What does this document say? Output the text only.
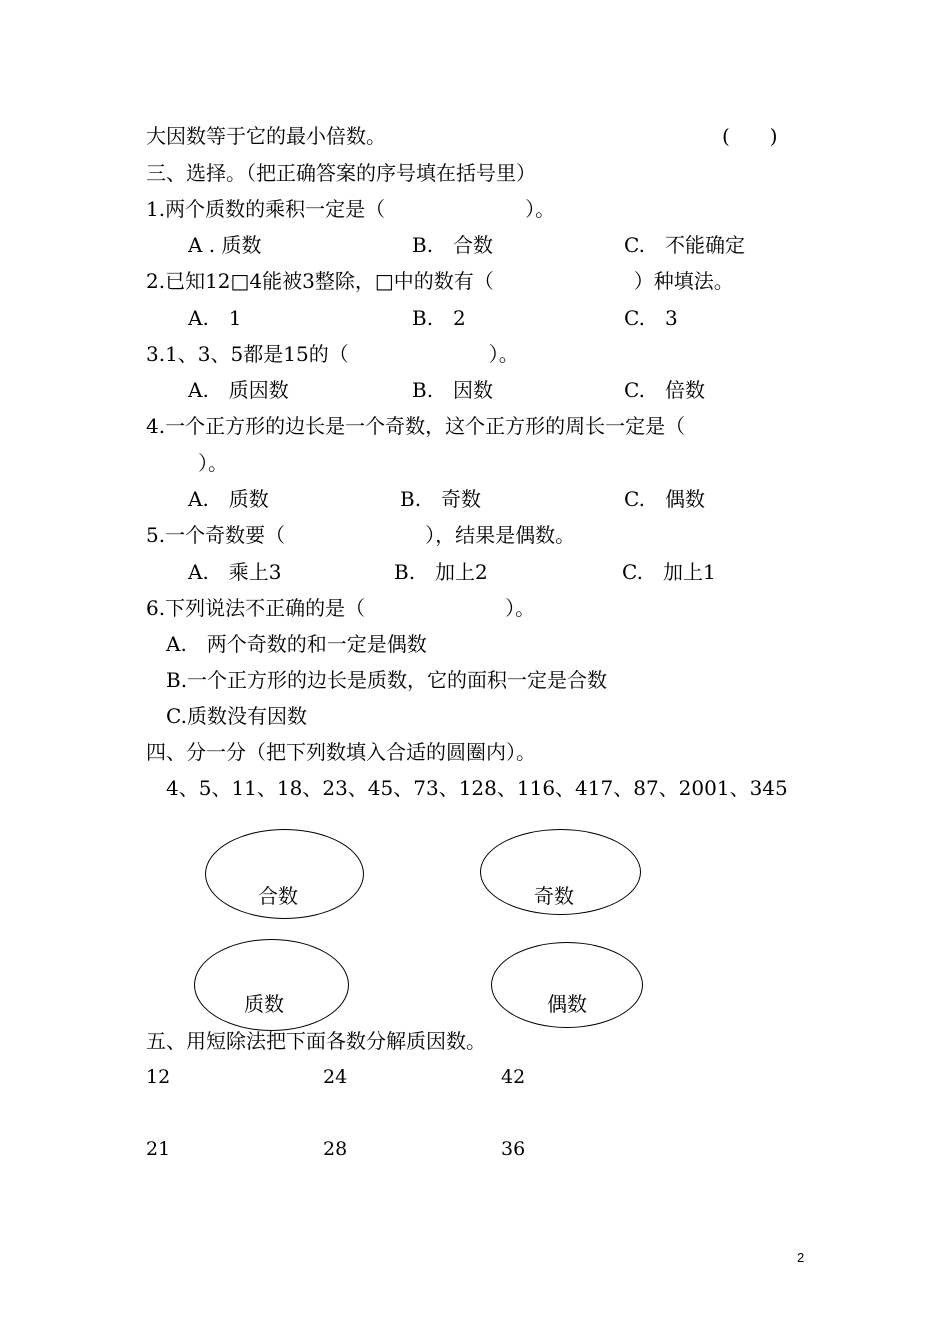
大因数等于它的最小倍数。	(　　)
三、选择。（把正确答案的序号填在括号里）
1.两个质数的乘积一定是（　　　　　　　）。
A . 质数	B.　合数	C.　不能确定
2.已知12□4能被3整除，□中的数有（　　　　　　　）种填法。
A.　1	B.　2	C.　3
3.1、3、5都是15的（　　　　　　　）。
A.　质因数	B.　因数	C.　倍数
4.一个正方形的边长是一个奇数，这个正方形的周长一定是（
）。
A.　质数	B.　奇数	C.　偶数
5.一个奇数要（　　　　　　　），结果是偶数。
A.　乘上3	B.　加上2	C.　加上1
6.下列说法不正确的是（　　　　　　　）。
A.　两个奇数的和一定是偶数
B.一个正方形的边长是质数，它的面积一定是合数
C.质数没有因数
四、分一分（把下列数填入合适的圆圈内）。
4、5、11、18、23、45、73、128、116、417、87、2001、345
合数	奇数
质数	偶数
五、用短除法把下面各数分解质因数。
12	24	42
21	28	36
2
